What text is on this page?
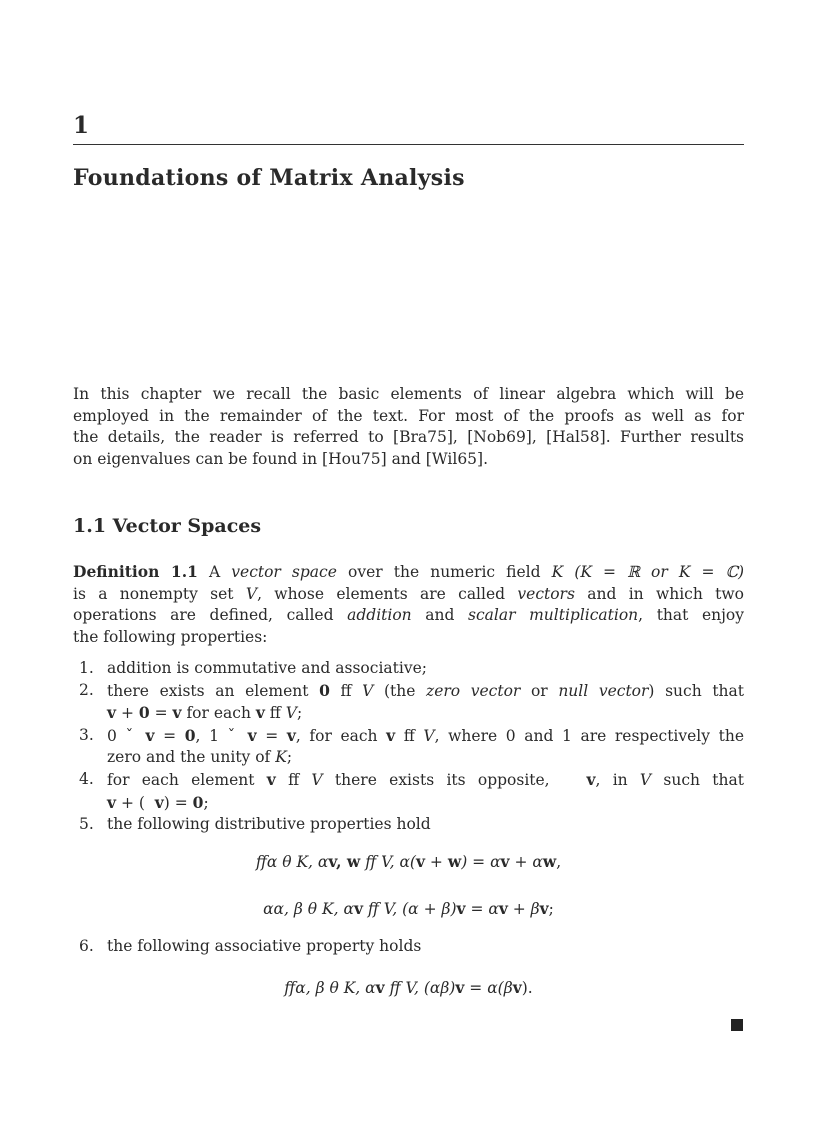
1
Foundations of Matrix Analysis
In this chapter we recall the basic elements of linear algebra which will be
employed in the remainder of the text. For most of the proofs as well as for
the details, the reader is referred to [Bra75], [Nob69], [Hal58]. Further results
on eigenvalues can be found in [Hou75] and [Wil65].
1.1 Vector Spaces
Definition 1.1 A vector space over the numeric field K (K = ℝ or K = ℂ)
is a nonempty set V, whose elements are called vectors and in which two
operations are defined, called addition and scalar multiplication, that enjoy
the following properties:
1. addition is commutative and associative;
2. there exists an element 0 ff V (the zero vector or null vector) such that
v + 0 = v for each v ff V;
3. 0 ˇ v = 0, 1 ˇ v = v, for each v ff V, where 0 and 1 are respectively the
zero and the unity of K;
4. for each element v ff V there exists its opposite,   v, in V such that
v + (  v) = 0;
5. the following distributive properties hold
ffα θ K, αv, w ff V, α(v + w) = αv + αw,
αα, β θ K, αv ff V, (α + β)v = αv + βv;
6. the following associative property holds
ffα, β θ K, αv ff V, (αβ)v = α(βv).
